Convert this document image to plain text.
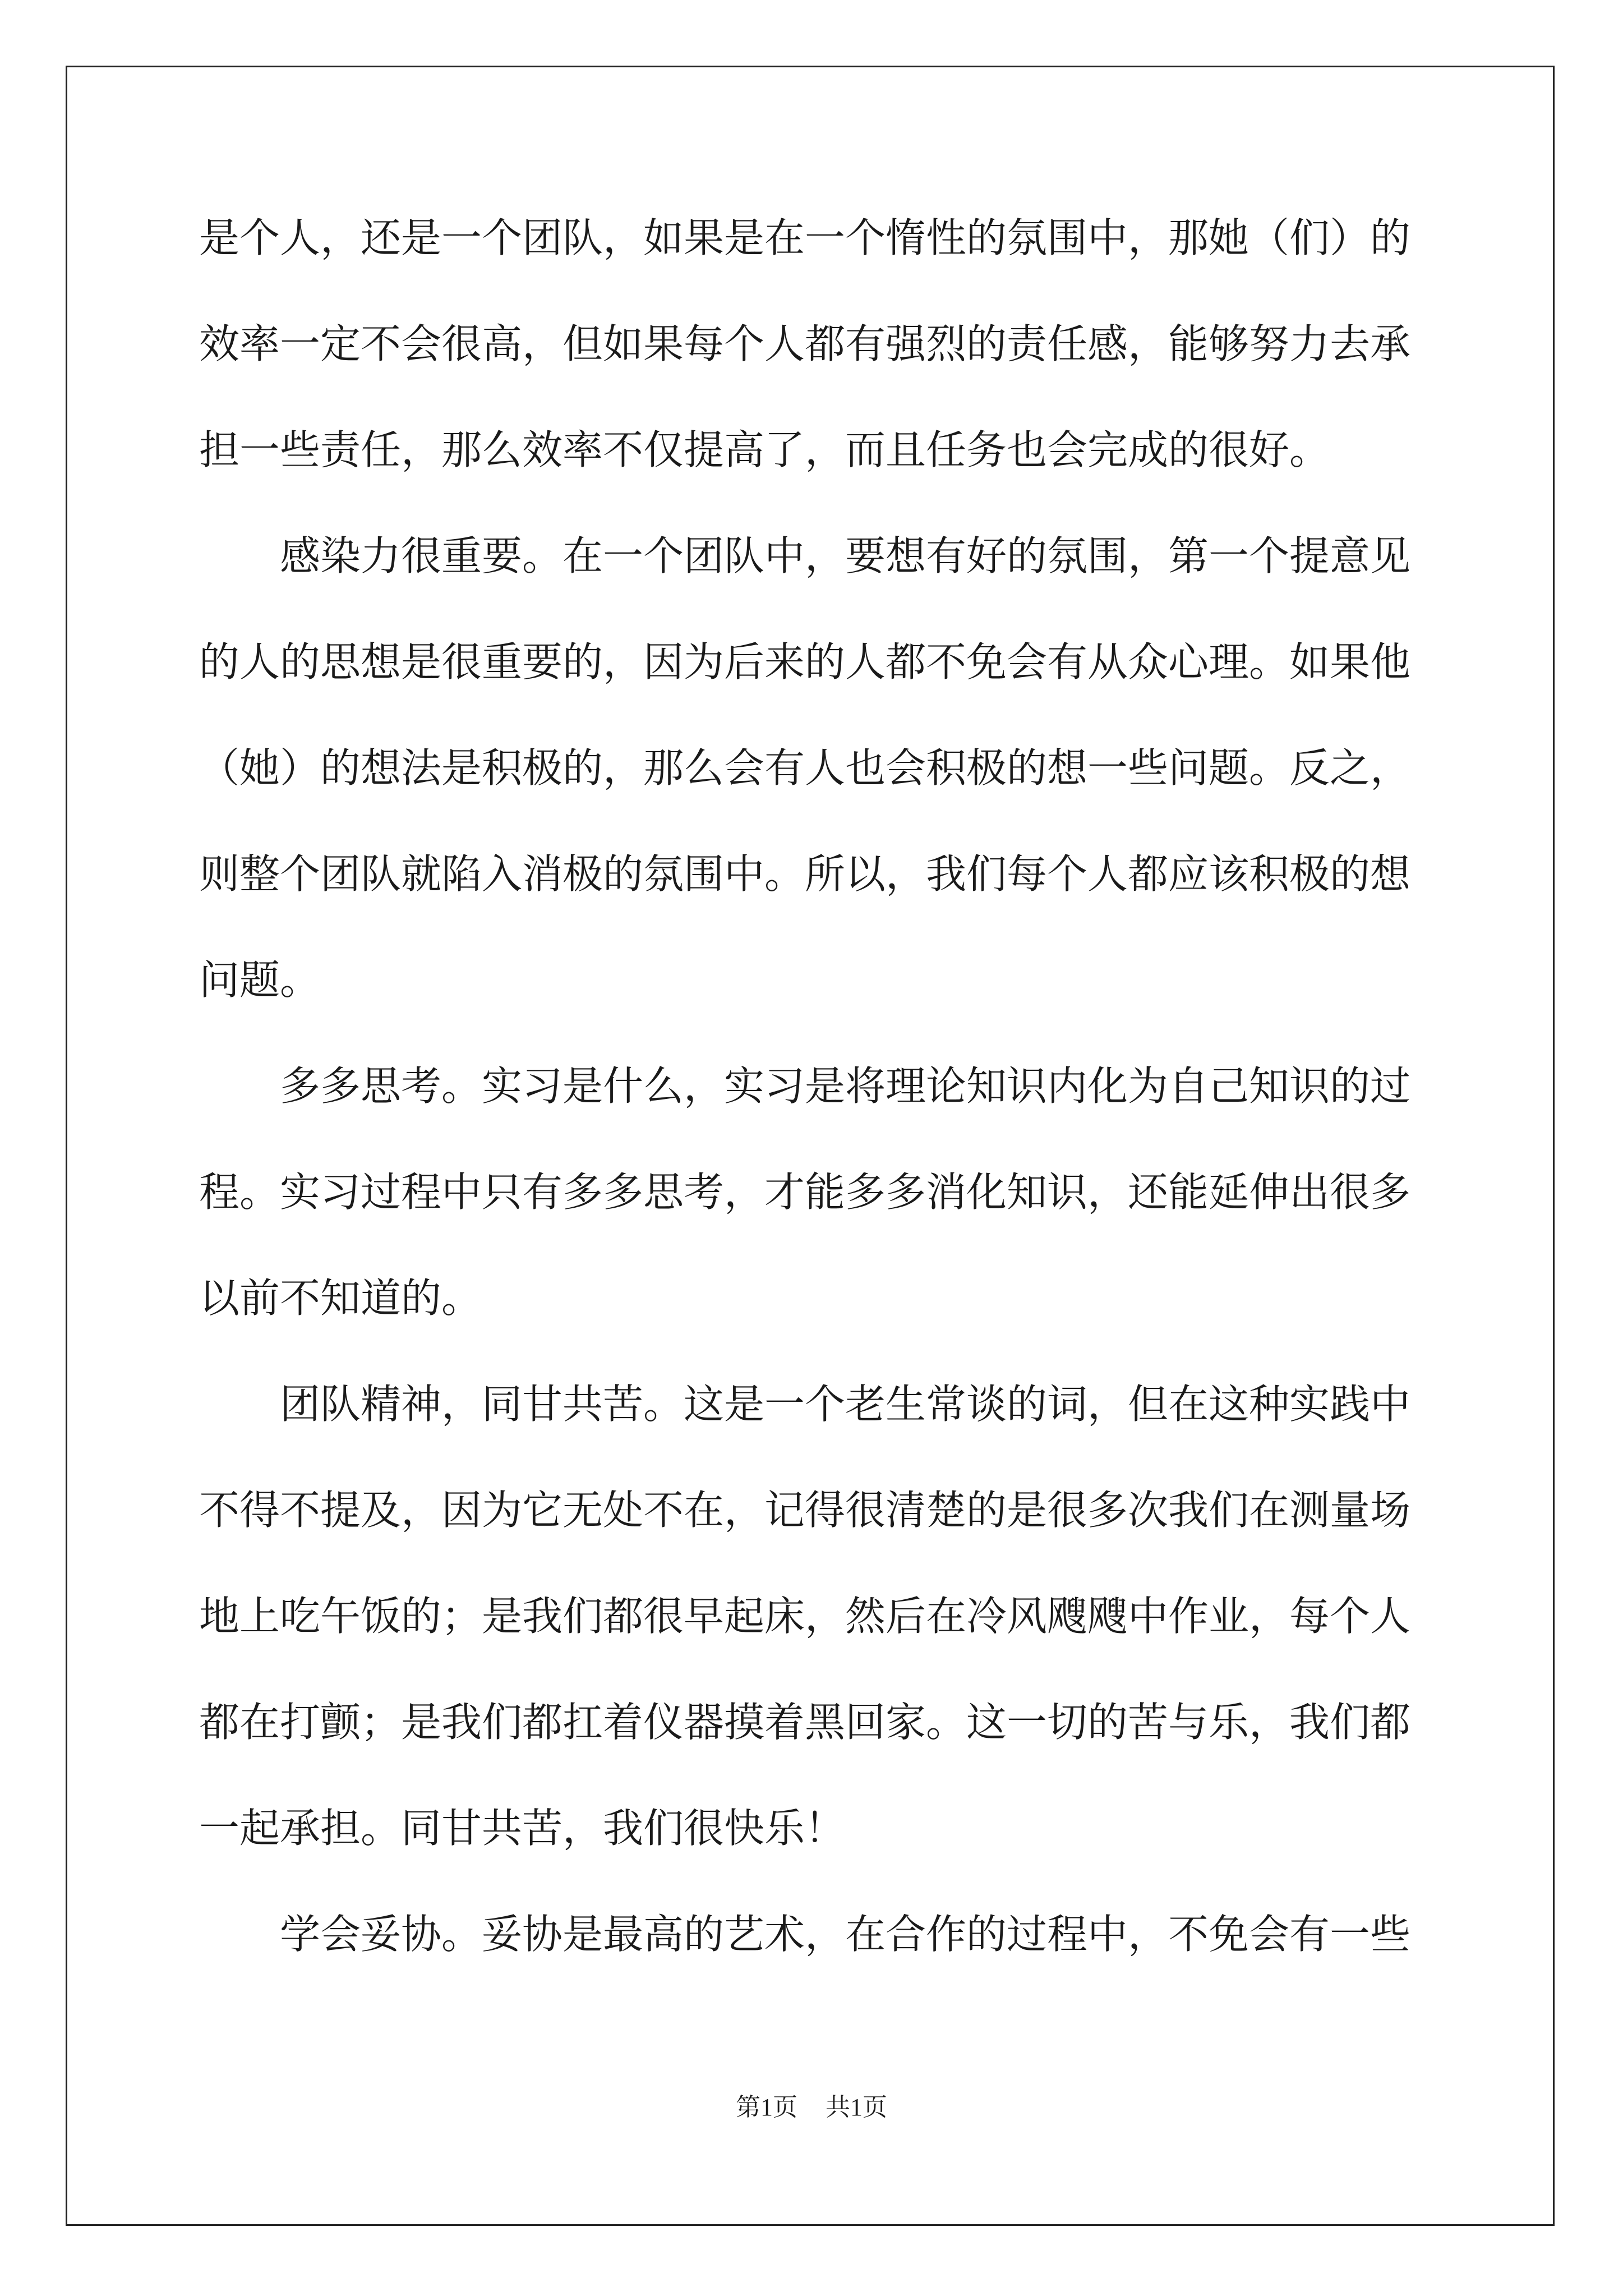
是个人，还是一个团队，如果是在一个惰性的氛围中，那她（们）的
效率一定不会很高，但如果每个人都有强烈的责任感，能够努力去承
担一些责任，那么效率不仅提高了，而且任务也会完成的很好。
感染力很重要。在一个团队中，要想有好的氛围，第一个提意见
的人的思想是很重要的，因为后来的人都不免会有从众心理。如果他
（她）的想法是积极的，那么会有人也会积极的想一些问题。反之，
则整个团队就陷入消极的氛围中。所以，我们每个人都应该积极的想
问题。
多多思考。实习是什么，实习是将理论知识内化为自己知识的过
程。实习过程中只有多多思考，才能多多消化知识，还能延伸出很多
以前不知道的。
团队精神，同甘共苦。这是一个老生常谈的词，但在这种实践中
不得不提及，因为它无处不在，记得很清楚的是很多次我们在测量场
地上吃午饭的；是我们都很早起床，然后在冷风飕飕中作业，每个人
都在打颤；是我们都扛着仪器摸着黑回家。这一切的苦与乐，我们都
一起承担。同甘共苦，我们很快乐！
学会妥协。妥协是最高的艺术，在合作的过程中，不免会有一些
第1页 共1页
